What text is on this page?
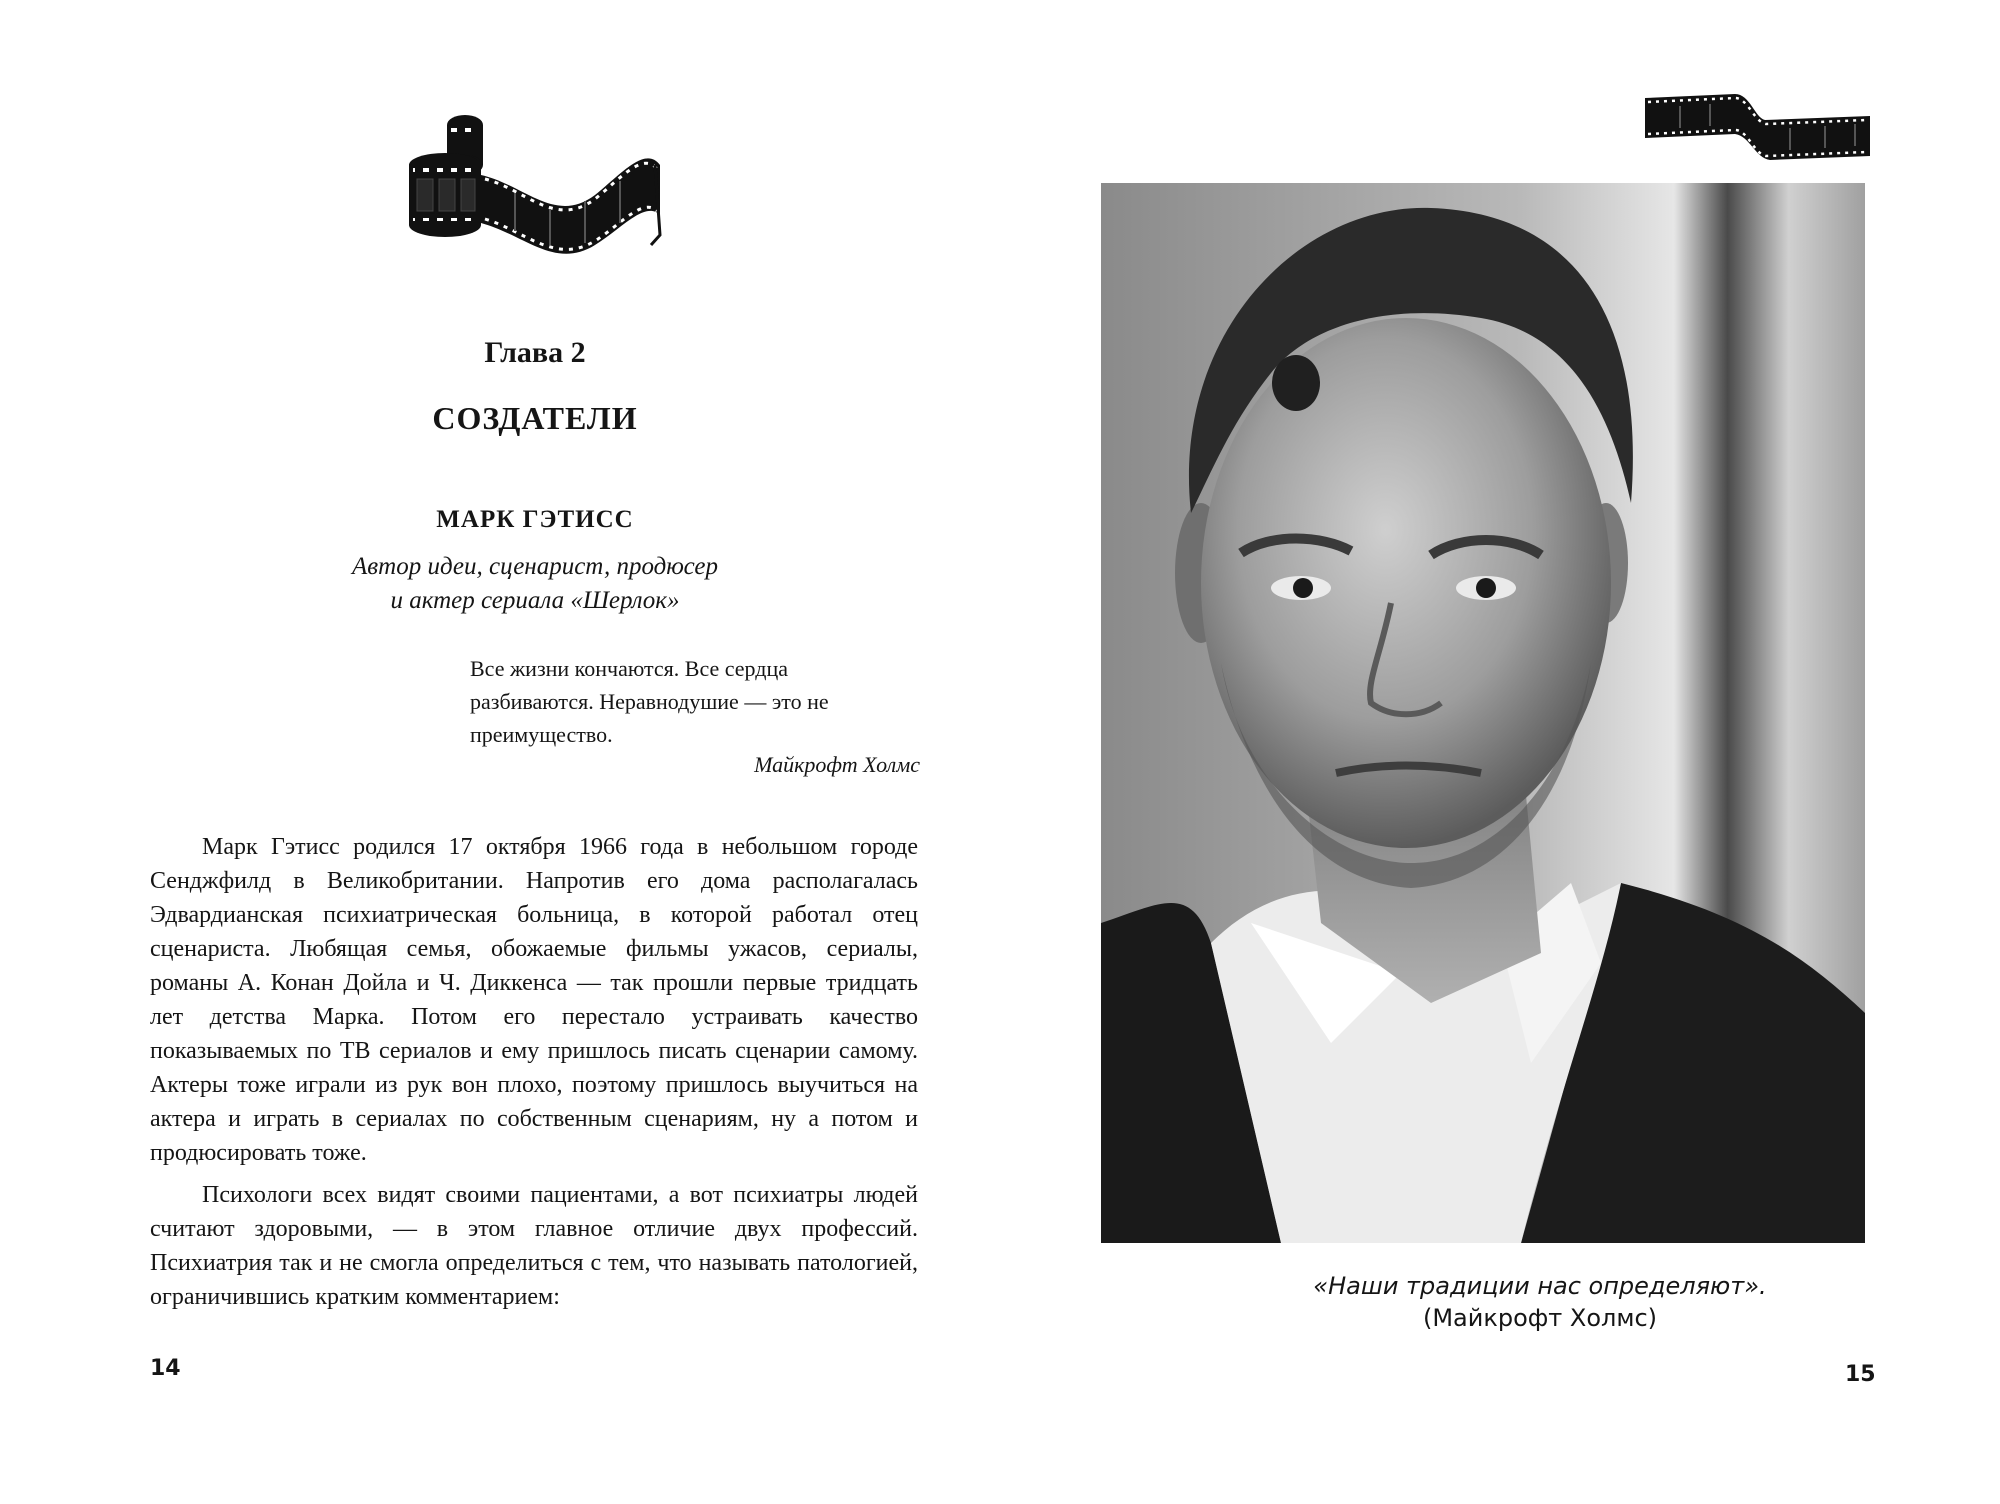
Глава 2
СОЗДАТЕЛИ
МАРК ГЭТИСС
Автор идеи, сценарист, продюсер
и актер сериала «Шерлок»
Все жизни кончаются. Все сердца
разбиваются. Неравнодушие — это не
преимущество.
Майкрофт Холмс

Марк Гэтисс родился 17 октября 1966 года в небольшом городе Сенджфилд в Великобритании. Напротив его дома располагалась Эдвардианская психиатрическая больница, в которой работал отец сценариста. Любящая семья, обожаемые фильмы ужасов, сериалы, романы А. Конан Дойла и Ч. Диккенса — так прошли первые тридцать лет детства Марка. Потом его перестало устраивать качество показываемых по ТВ сериалов и ему пришлось писать сценарии самому. Актеры тоже играли из рук вон плохо, поэтому пришлось выучиться на актера и играть в сериалах по собственным сценариям, ну а потом и продюсировать тоже.

Психологи всех видят своими пациентами, а вот психиатры людей считают здоровыми, — в этом главное отличие двух профессий. Психиатрия так и не смогла определиться с тем, что называть патологией, ограничившись кратким комментарием:

14
«Наши традиции нас определяют».
(Майкрофт Холмс)
15
